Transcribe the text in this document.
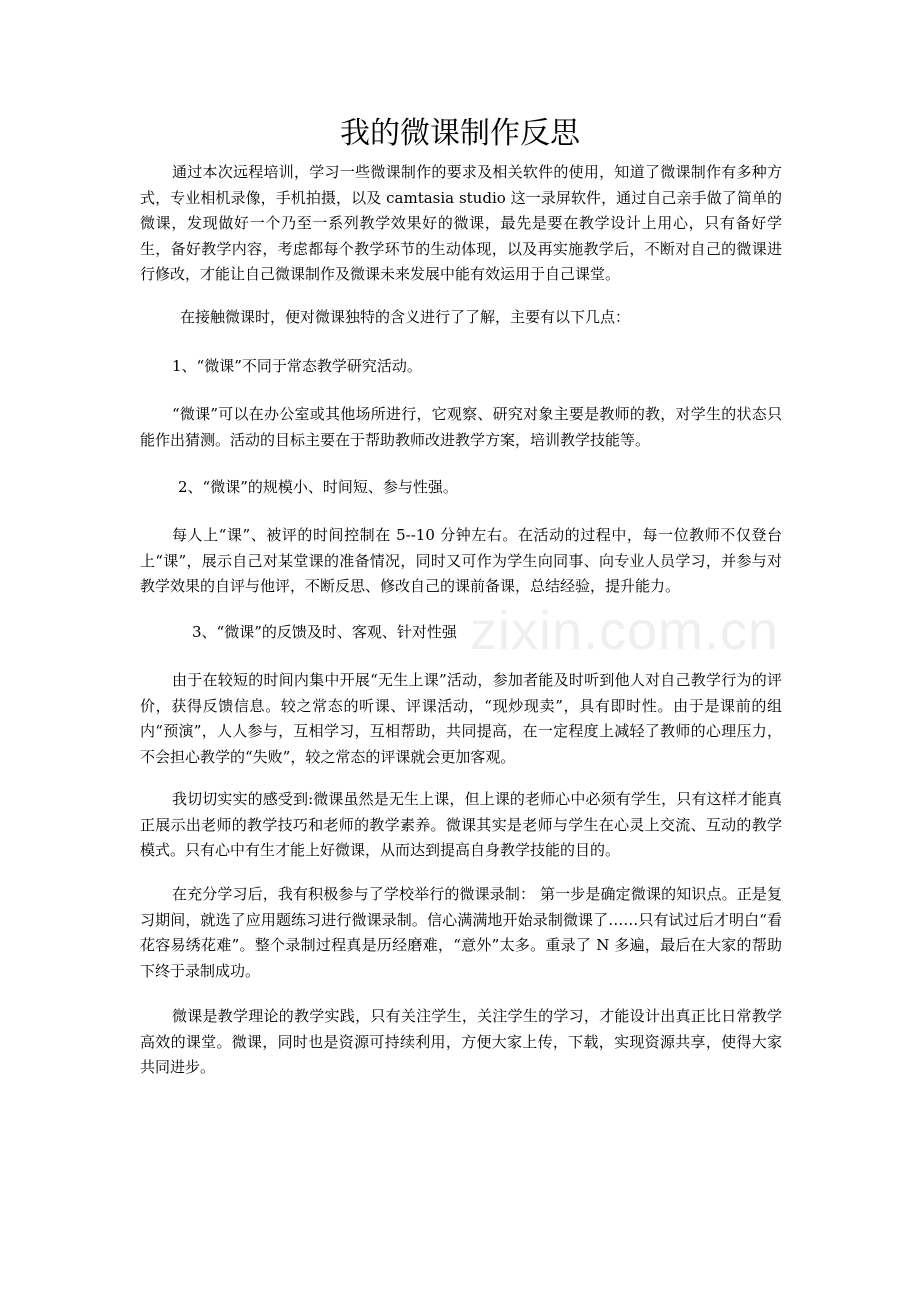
我的微课制作反思

通过本次远程培训，学习一些微课制作的要求及相关软件的使用，知道了微课制作有多种方式，专业相机录像，手机拍摄，以及 camtasia studio 这一录屏软件，通过自己亲手做了简单的微课，发现做好一个乃至一系列教学效果好的微课，最先是要在教学设计上用心，只有备好学生，备好教学内容，考虑都每个教学环节的生动体现，以及再实施教学后，不断对自己的微课进行修改，才能让自己微课制作及微课未来发展中能有效运用于自己课堂。

在接触微课时，便对微课独特的含义进行了了解，主要有以下几点：

1、“微课”不同于常态教学研究活动。

“微课”可以在办公室或其他场所进行，它观察、研究对象主要是教师的教，对学生的状态只能作出猜测。活动的目标主要在于帮助教师改进教学方案，培训教学技能等。

2、“微课”的规模小、时间短、参与性强。

每人上“课”、被评的时间控制在 5--10 分钟左右。在活动的过程中，每一位教师不仅登台上“课”，展示自己对某堂课的准备情况，同时又可作为学生向同事、向专业人员学习，并参与对教学效果的自评与他评，不断反思、修改自己的课前备课，总结经验，提升能力。

3、“微课”的反馈及时、客观、针对性强

由于在较短的时间内集中开展“无生上课”活动，参加者能及时听到他人对自己教学行为的评价，获得反馈信息。较之常态的听课、评课活动，“现炒现卖”，具有即时性。由于是课前的组内“预演”，人人参与，互相学习，互相帮助，共同提高，在一定程度上减轻了教师的心理压力，不会担心教学的“失败”，较之常态的评课就会更加客观。

我切切实实的感受到:微课虽然是无生上课，但上课的老师心中必须有学生，只有这样才能真正展示出老师的教学技巧和老师的教学素养。微课其实是老师与学生在心灵上交流、互动的教学模式。只有心中有生才能上好微课，从而达到提高自身教学技能的目的。

在充分学习后，我有积极参与了学校举行的微课录制： 第一步是确定微课的知识点。正是复习期间，就选了应用题练习进行微课录制。信心满满地开始录制微课了……只有试过后才明白“看花容易绣花难”。整个录制过程真是历经磨难，“意外”太多。重录了 N 多遍，最后在大家的帮助下终于录制成功。

微课是教学理论的教学实践，只有关注学生，关注学生的学习，才能设计出真正比日常教学高效的课堂。微课，同时也是资源可持续利用，方便大家上传，下载，实现资源共享，使得大家共同进步。

zixin.com.cn
